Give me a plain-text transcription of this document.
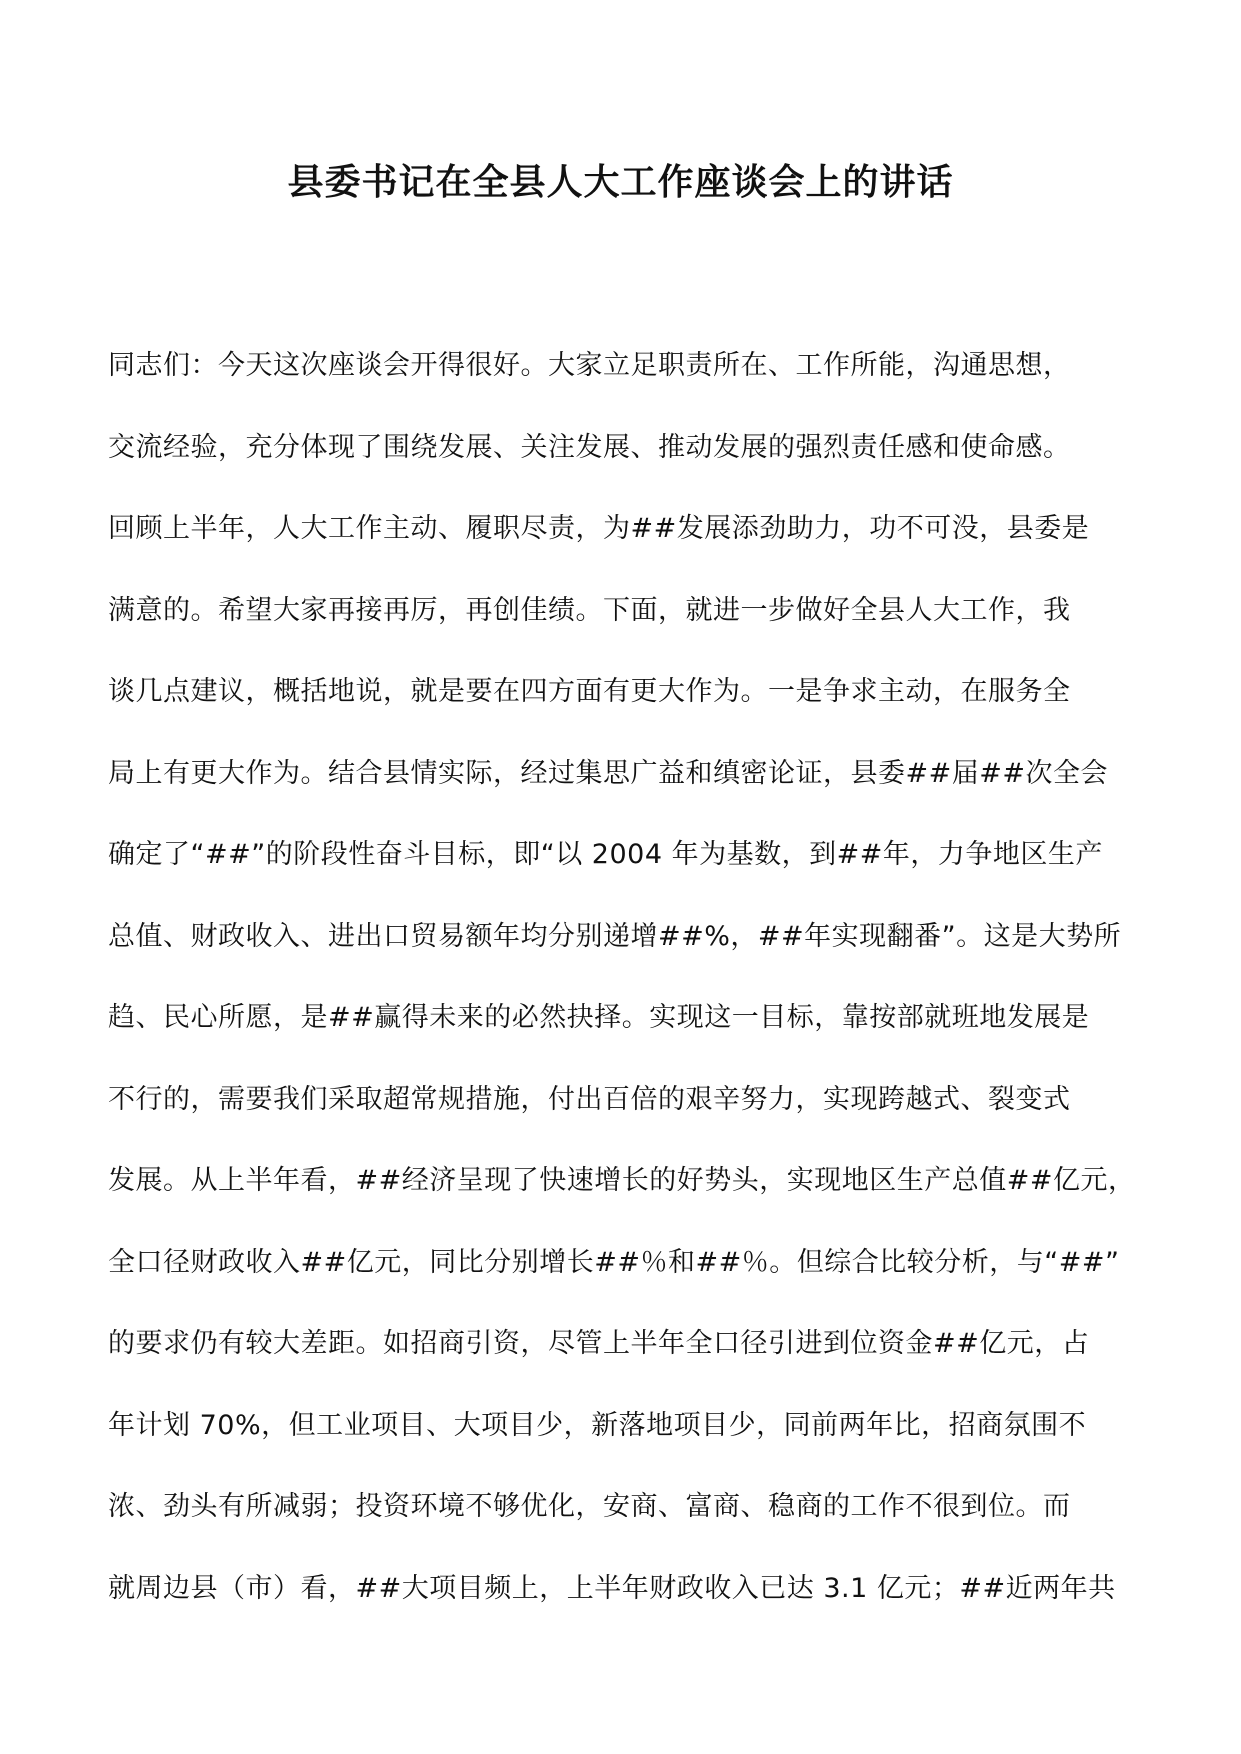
县委书记在全县人大工作座谈会上的讲话
同志们：今天这次座谈会开得很好。大家立足职责所在、工作所能，沟通思想，
交流经验，充分体现了围绕发展、关注发展、推动发展的强烈责任感和使命感。
回顾上半年，人大工作主动、履职尽责，为##发展添劲助力，功不可没，县委是
满意的。希望大家再接再厉，再创佳绩。下面，就进一步做好全县人大工作，我
谈几点建议，概括地说，就是要在四方面有更大作为。一是争求主动，在服务全
局上有更大作为。结合县情实际，经过集思广益和缜密论证，县委##届##次全会
确定了“##”的阶段性奋斗目标，即“以 2004 年为基数，到##年，力争地区生产
总值、财政收入、进出口贸易额年均分别递增##%，##年实现翻番”。这是大势所
趋、民心所愿，是##赢得未来的必然抉择。实现这一目标，靠按部就班地发展是
不行的，需要我们采取超常规措施，付出百倍的艰辛努力，实现跨越式、裂变式
发展。从上半年看，##经济呈现了快速增长的好势头，实现地区生产总值##亿元，
全口径财政收入##亿元，同比分别增长##％和##％。但综合比较分析，与“##”
的要求仍有较大差距。如招商引资，尽管上半年全口径引进到位资金##亿元，占
年计划 70%，但工业项目、大项目少，新落地项目少，同前两年比，招商氛围不
浓、劲头有所减弱；投资环境不够优化，安商、富商、稳商的工作不很到位。而
就周边县（市）看，##大项目频上，上半年财政收入已达 3.1 亿元；##近两年共
